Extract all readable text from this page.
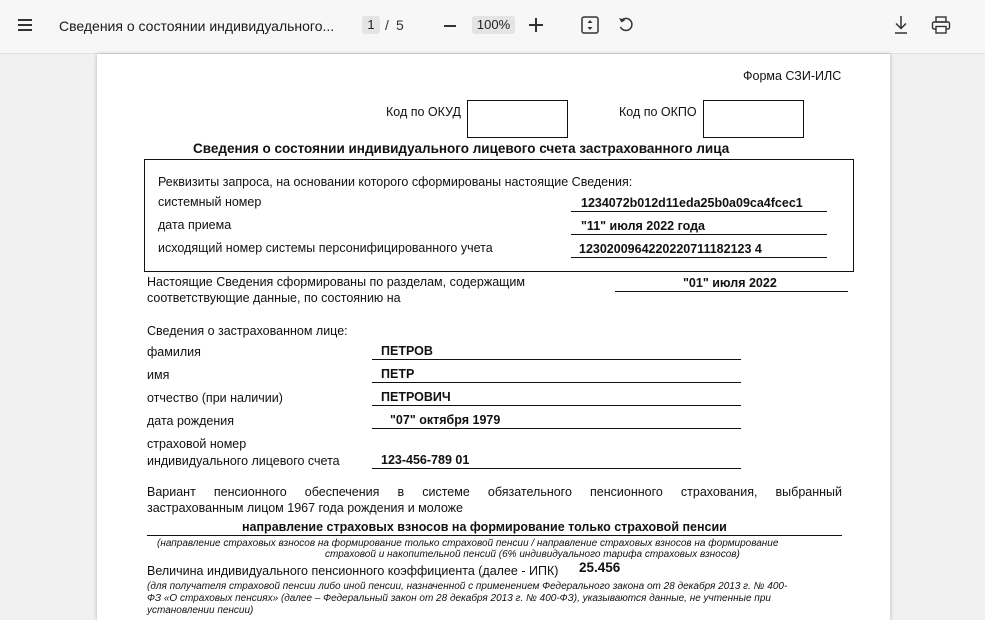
Сведения о состоянии индивидуального...	1 / 5	100%
Форма СЗИ-ИЛС
Код по ОКУД	Код по ОКПО
Сведения о состоянии индивидуального лицевого счета застрахованного лица
Реквизиты запроса, на основании которого сформированы настоящие Сведения:
системный номер	1234072b012d11eda25b0a09ca4fcec1
дата приема	"11" июля 2022 года
исходящий номер системы персонифицированного учета	1230200964220220711182123 4
Настоящие Сведения сформированы по разделам, содержащим
соответствующие данные, по состоянию на
"01" июля 2022
Сведения о застрахованном лице:
фамилия	ПЕТРОВ
имя	ПЕТР
отчество (при наличии)	ПЕТРОВИЧ
дата рождения	"07" октября 1979
страховой номер
индивидуального лицевого счета	123-456-789 01
Вариант пенсионного обеспечения в системе обязательного пенсионного страхования, выбранный
застрахованным лицом 1967 года рождения и моложе
направление страховых взносов на формирование только страховой пенсии
(направление страховых взносов на формирование только страховой пенсии / направление страховых взносов на формирование
страховой и накопительной пенсий (6% индивидуального тарифа страховых взносов)
Величина индивидуального пенсионного коэффициента (далее - ИПК) 25.456
(для получателя страховой пенсии либо иной пенсии, назначенной с применением Федерального закона от 28 декабря 2013 г. № 400-
ФЗ «О страховых пенсиях» (далее – Федеральный закон от 28 декабря 2013 г. № 400-ФЗ), указываются данные, не учтенные при
установлении пенсии)
